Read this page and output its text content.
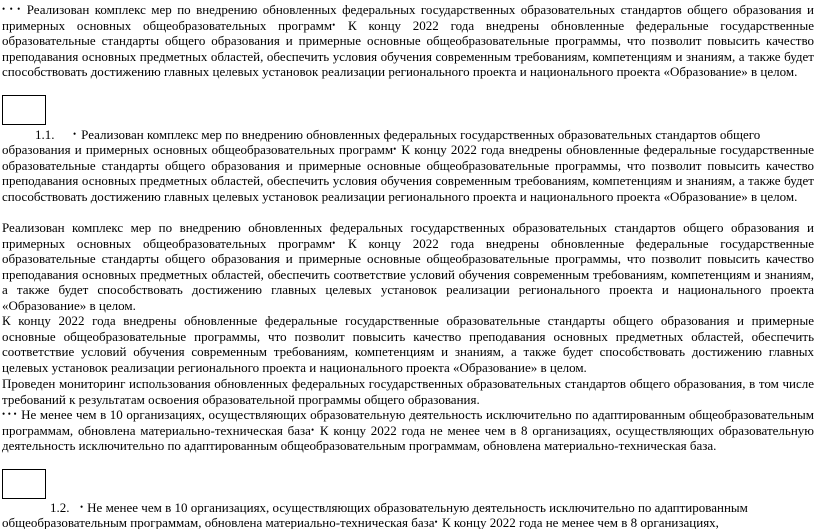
• • • Реализован комплекс мер по внедрению обновленных федеральных государственных образовательных стандартов общего образования и примерных основных общеобразовательных программ• К концу 2022 года внедрены обновленные федеральные государственные образовательные стандарты общего образования и примерные основные общеобразовательные программы, что позволит повысить качество преподавания основных предметных областей, обеспечить условия обучения современным требованиям, компетенциям и знаниям, а также будет способствовать достижению главных целевых установок реализации регионального проекта и национального проекта «Образование» в целом.

1.1. • Реализован комплекс мер по внедрению обновленных федеральных государственных образовательных стандартов общего

образования и примерных основных общеобразовательных программ• К концу 2022 года внедрены обновленные федеральные государственные образовательные стандарты общего образования и примерные основные общеобразовательные программы, что позволит повысить качество преподавания основных предметных областей, обеспечить условия обучения современным требованиям, компетенциям и знаниям, а также будет способствовать достижению главных целевых установок реализации регионального проекта и национального проекта «Образование» в целом.

Реализован комплекс мер по внедрению обновленных федеральных государственных образовательных стандартов общего образования и примерных основных общеобразовательных программ• К концу 2022 года внедрены обновленные федеральные государственные образовательные стандарты общего образования и примерные основные общеобразовательные программы, что позволит повысить качество преподавания основных предметных областей, обеспечить соответствие условий обучения современным требованиям, компетенциям и знаниям, а также будет способствовать достижению главных целевых установок реализации регионального проекта и национального проекта «Образование» в целом.

К концу 2022 года внедрены обновленные федеральные государственные образовательные стандарты общего образования и примерные основные общеобразовательные программы, что позволит повысить качество преподавания основных предметных областей, обеспечить соответствие условий обучения современным требованиям, компетенциям и знаниям, а также будет способствовать достижению главных целевых установок реализации регионального проекта и национального проекта «Образование» в целом.

Проведен мониторинг использования обновленных федеральных государственных образовательных стандартов общего образования, в том числе требований к результатам освоения образовательной программы общего образования.

• • • Не менее чем в 10 организациях, осуществляющих образовательную деятельность исключительно по адаптированным общеобразовательным программам, обновлена материально-техническая база• К концу 2022 года не менее чем в 8 организациях, осуществляющих образовательную деятельность исключительно по адаптированным общеобразовательным программам, обновлена материально-техническая база.

1.2. • Не менее чем в 10 организациях, осуществляющих образовательную деятельность исключительно по адаптированным

общеобразовательным программам, обновлена материально-техническая база• К концу 2022 года не менее чем в 8 организациях,
